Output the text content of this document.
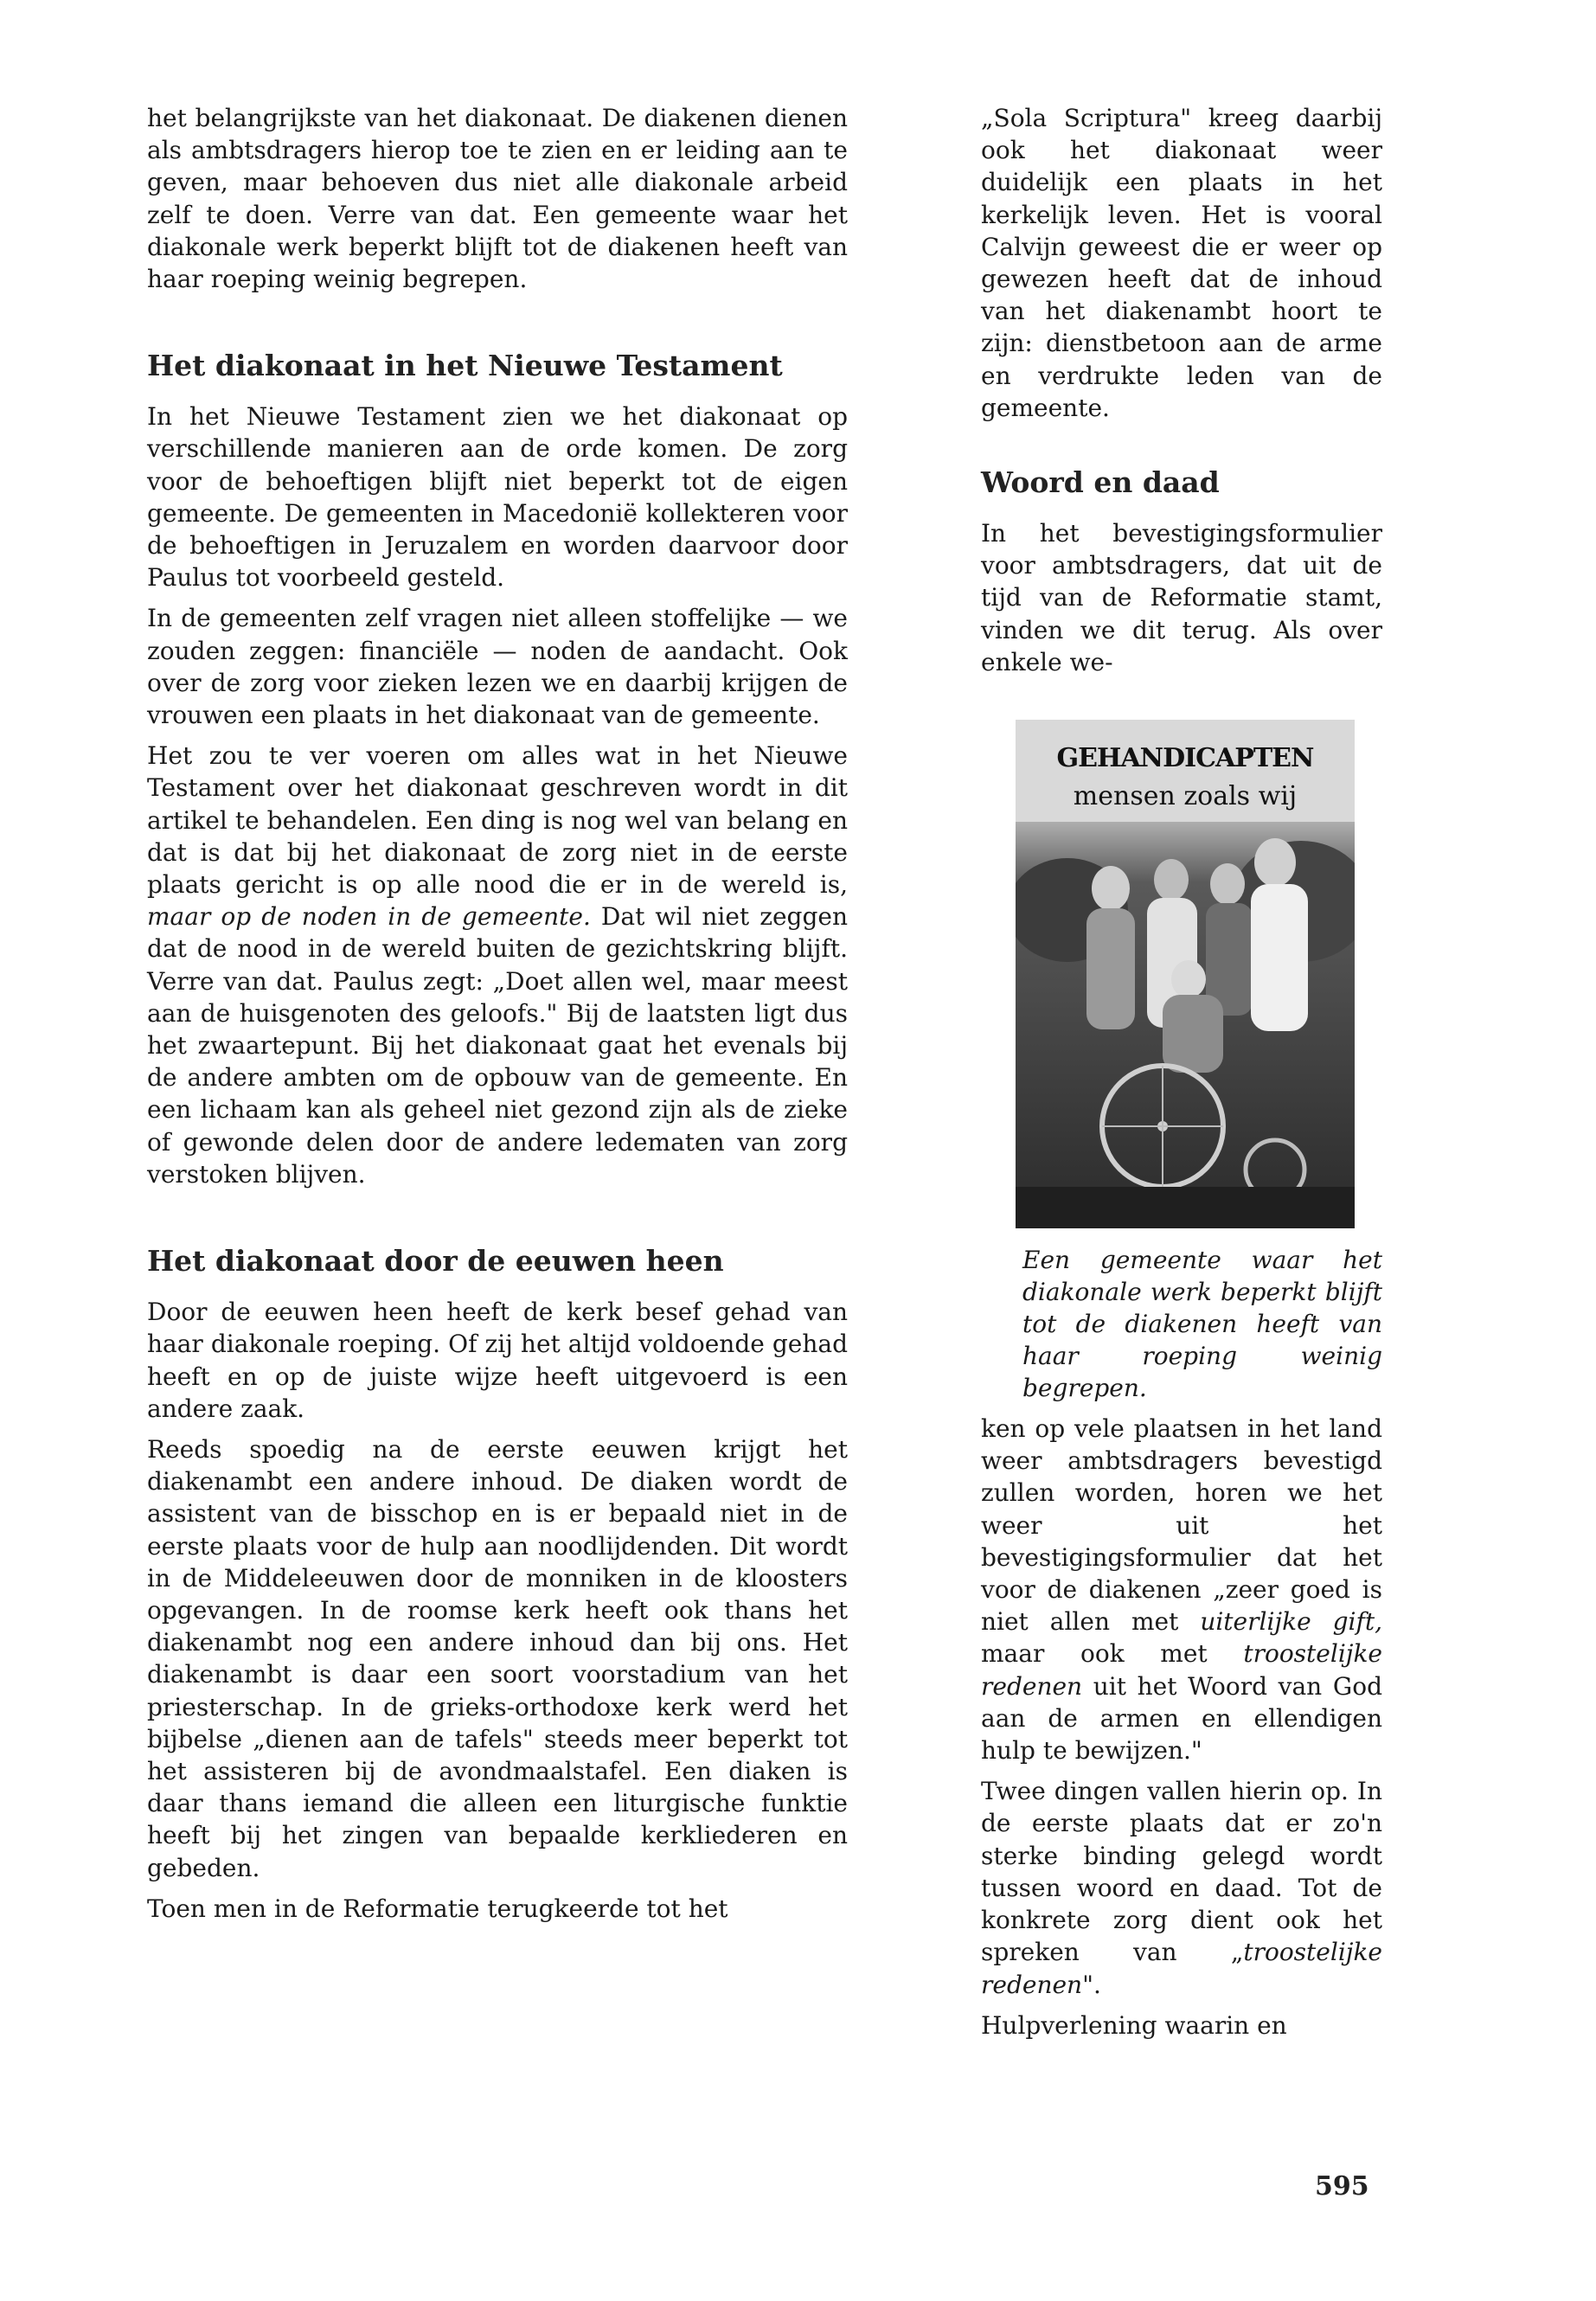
het belangrijkste van het diakonaat. De diakenen dienen als ambtsdragers hierop toe te zien en er leiding aan te geven, maar behoeven dus niet alle diakonale arbeid zelf te doen. Verre van dat. Een gemeente waar het diakonale werk beperkt blijft tot de diakenen heeft van haar roeping weinig begrepen.

Het diakonaat in het Nieuwe Testament

In het Nieuwe Testament zien we het diakonaat op verschillende manieren aan de orde komen. De zorg voor de behoeftigen blijft niet beperkt tot de eigen gemeente. De gemeenten in Macedonië kollekteren voor de behoeftigen in Jeruzalem en worden daarvoor door Paulus tot voorbeeld gesteld.

In de gemeenten zelf vragen niet alleen stoffelijke — we zouden zeggen: financiële — noden de aandacht. Ook over de zorg voor zieken lezen we en daarbij krijgen de vrouwen een plaats in het diakonaat van de gemeente.

Het zou te ver voeren om alles wat in het Nieuwe Testament over het diakonaat geschreven wordt in dit artikel te behandelen. Een ding is nog wel van belang en dat is dat bij het diakonaat de zorg niet in de eerste plaats gericht is op alle nood die er in de wereld is, maar op de noden in de gemeente. Dat wil niet zeggen dat de nood in de wereld buiten de gezichtskring blijft. Verre van dat. Paulus zegt: „Doet allen wel, maar meest aan de huisgenoten des geloofs." Bij de laatsten ligt dus het zwaartepunt. Bij het diakonaat gaat het evenals bij de andere ambten om de opbouw van de gemeente. En een lichaam kan als geheel niet gezond zijn als de zieke of gewonde delen door de andere ledematen van zorg verstoken blijven.

Het diakonaat door de eeuwen heen

Door de eeuwen heen heeft de kerk besef gehad van haar diakonale roeping. Of zij het altijd voldoende gehad heeft en op de juiste wijze heeft uitgevoerd is een andere zaak.

Reeds spoedig na de eerste eeuwen krijgt het diakenambt een andere inhoud. De diaken wordt de assistent van de bisschop en is er bepaald niet in de eerste plaats voor de hulp aan noodlijdenden. Dit wordt in de Middeleeuwen door de monniken in de kloosters opgevangen. In de roomse kerk heeft ook thans het diakenambt nog een andere inhoud dan bij ons. Het diakenambt is daar een soort voorstadium van het priesterschap. In de grieks-orthodoxe kerk werd het bijbelse „dienen aan de tafels" steeds meer beperkt tot het assisteren bij de avondmaalstafel. Een diaken is daar thans iemand die alleen een liturgische funktie heeft bij het zingen van bepaalde kerkliederen en gebeden.

Toen men in de Reformatie terugkeerde tot het

„Sola Scriptura" kreeg daarbij ook het diakonaat weer duidelijk een plaats in het kerkelijk leven. Het is vooral Calvijn geweest die er weer op gewezen heeft dat de inhoud van het diakenambt hoort te zijn: dienstbetoon aan de arme en verdrukte leden van de gemeente.

Woord en daad

In het bevestigingsformulier voor ambtsdragers, dat uit de tijd van de Reformatie stamt, vinden we dit terug. Als over enkele we-

GEHANDICAPTEN
mensen zoals wij

Een gemeente waar het diakonale werk beperkt blijft tot de diakenen heeft van haar roeping weinig begrepen.

ken op vele plaatsen in het land weer ambtsdragers bevestigd zullen worden, horen we het weer uit het bevestigingsformulier dat het voor de diakenen „zeer goed is niet allen met uiterlijke gift, maar ook met troostelijke redenen uit het Woord van God aan de armen en ellendigen hulp te bewijzen."

Twee dingen vallen hierin op. In de eerste plaats dat er zo'n sterke binding gelegd wordt tussen woord en daad. Tot de konkrete zorg dient ook het spreken van „troostelijke redenen".

Hulpverlening waarin en

595
